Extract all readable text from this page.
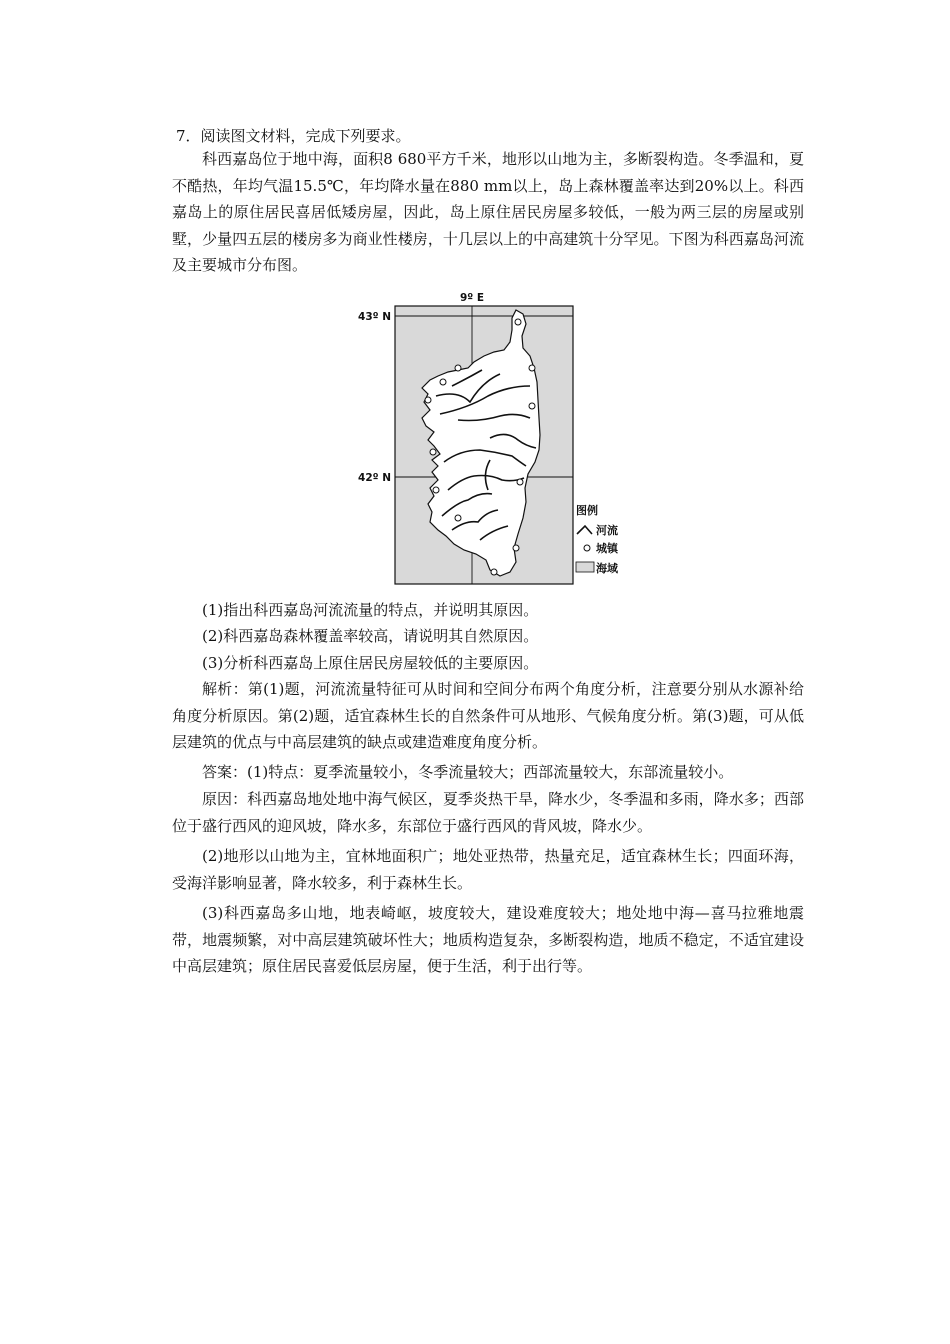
7．阅读图文材料，完成下列要求。

科西嘉岛位于地中海，面积8 680平方千米，地形以山地为主，多断裂构造。冬季温和，夏不酷热，年均气温15.5℃，年均降水量在880 mm以上，岛上森林覆盖率达到20%以上。科西嘉岛上的原住居民喜居低矮房屋，因此，岛上原住居民房屋多较低，一般为两三层的房屋或别墅，少量四五层的楼房多为商业性楼房，十几层以上的中高建筑十分罕见。下图为科西嘉岛河流及主要城市分布图。

9º E
43º N
42º N
图例
河流
城镇
海域

(1)指出科西嘉岛河流流量的特点，并说明其原因。

(2)科西嘉岛森林覆盖率较高，请说明其自然原因。

(3)分析科西嘉岛上原住居民房屋较低的主要原因。

解析：第(1)题，河流流量特征可从时间和空间分布两个角度分析，注意要分别从水源补给角度分析原因。第(2)题，适宜森林生长的自然条件可从地形、气候角度分析。第(3)题，可从低层建筑的优点与中高层建筑的缺点或建造难度角度分析。

答案：(1)特点：夏季流量较小，冬季流量较大；西部流量较大，东部流量较小。

原因：科西嘉岛地处地中海气候区，夏季炎热干旱，降水少，冬季温和多雨，降水多；西部位于盛行西风的迎风坡，降水多，东部位于盛行西风的背风坡，降水少。

(2)地形以山地为主，宜林地面积广；地处亚热带，热量充足，适宜森林生长；四面环海，受海洋影响显著，降水较多，利于森林生长。

(3)科西嘉岛多山地，地表崎岖，坡度较大，建设难度较大；地处地中海—喜马拉雅地震带，地震频繁，对中高层建筑破坏性大；地质构造复杂，多断裂构造，地质不稳定，不适宜建设中高层建筑；原住居民喜爱低层房屋，便于生活，利于出行等。
